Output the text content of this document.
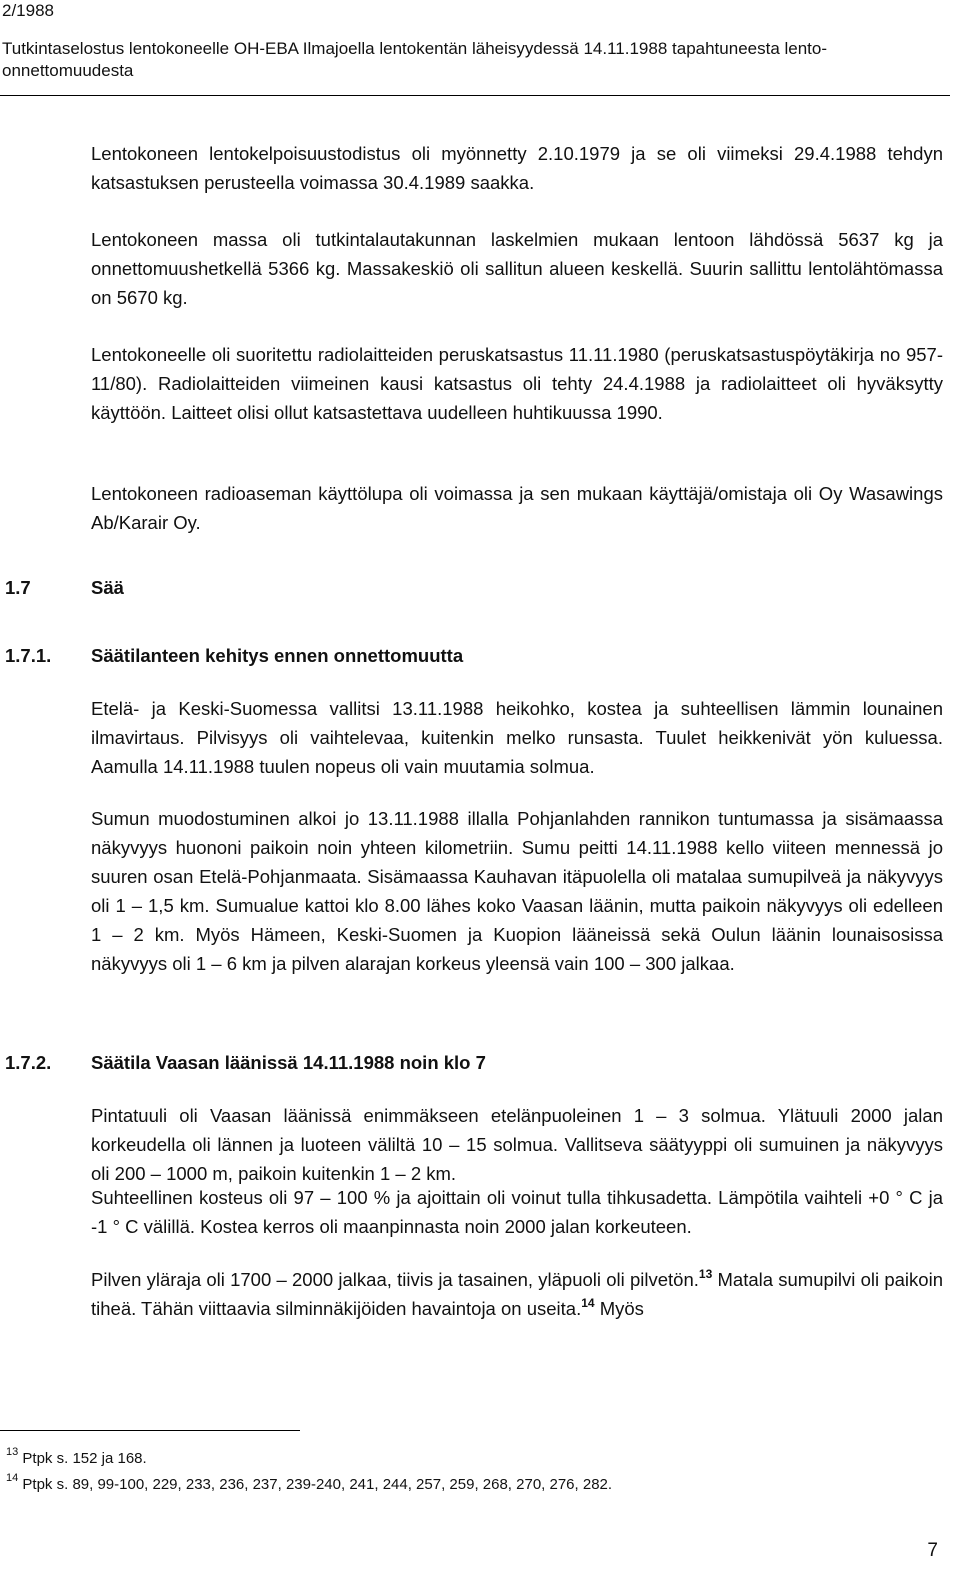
2/1988
Tutkintaselostus lentokoneelle OH-EBA Ilmajoella lentokentän läheisyydessä 14.11.1988 tapahtuneesta lento-onnettomuudesta

Lentokoneen lentokelpoisuustodistus oli myönnetty 2.10.1979 ja se oli viimeksi 29.4.1988 tehdyn katsastuksen perusteella voimassa 30.4.1989 saakka.

Lentokoneen massa oli tutkintalautakunnan laskelmien mukaan lentoon lähdössä 5637 kg ja onnettomuushetkellä 5366 kg. Massakeskiö oli sallitun alueen keskellä. Suurin sallittu lentolähtömassa on 5670 kg.

Lentokoneelle oli suoritettu radiolaitteiden peruskatsastus 11.11.1980 (peruskatsastuspöytäkirja no 957-11/80). Radiolaitteiden viimeinen kausi katsastus oli tehty 24.4.1988 ja radiolaitteet oli hyväksytty käyttöön. Laitteet olisi ollut katsastettava uudelleen huhtikuussa 1990.

Lentokoneen radioaseman käyttölupa oli voimassa ja sen mukaan käyttäjä/omistaja oli Oy Wasawings Ab/Karair Oy.

1.7	Sää
1.7.1. Säätilanteen kehitys ennen onnettomuutta

Etelä- ja Keski-Suomessa vallitsi 13.11.1988 heikohko, kostea ja suhteellisen lämmin lounainen ilmavirtaus. Pilvisyys oli vaihtelevaa, kuitenkin melko runsasta. Tuulet heikkenivät yön kuluessa. Aamulla 14.11.1988 tuulen nopeus oli vain muutamia solmua.

Sumun muodostuminen alkoi jo 13.11.1988 illalla Pohjanlahden rannikon tuntumassa ja sisämaassa näkyvyys huononi paikoin noin yhteen kilometriin. Sumu peitti 14.11.1988 kello viiteen mennessä jo suuren osan Etelä-Pohjanmaata. Sisämaassa Kauhavan itäpuolella oli matalaa sumupilveä ja näkyvyys oli 1 – 1,5 km. Sumualue kattoi klo 8.00 lähes koko Vaasan läänin, mutta paikoin näkyvyys oli edelleen 1 – 2 km. Myös Hämeen, Keski-Suomen ja Kuopion lääneissä sekä Oulun läänin lounaisosissa näkyvyys oli 1 – 6 km ja pilven alarajan korkeus yleensä vain 100 – 300 jalkaa.

1.7.2. Säätila Vaasan läänissä 14.11.1988 noin klo 7

Pintatuuli oli Vaasan läänissä enimmäkseen etelänpuoleinen 1 – 3 solmua. Ylätuuli 2000 jalan korkeudella oli lännen ja luoteen väliltä 10 – 15 solmua. Vallitseva säätyyppi oli sumuinen ja näkyvyys oli 200 – 1000 m, paikoin kuitenkin 1 – 2 km.

Suhteellinen kosteus oli 97 – 100 % ja ajoittain oli voinut tulla tihkusadetta. Lämpötila vaihteli +0 ° C ja -1 ° C välillä. Kostea kerros oli maanpinnasta noin 2000 jalan korkeuteen.

Pilven yläraja oli 1700 – 2000 jalkaa, tiivis ja tasainen, yläpuoli oli pilvetön.$^{13}$ Matala sumupilvi oli paikoin tiheä. Tähän viittaavia silminnäkijöiden havaintoja on useita.$^{14}$ Myös

$^{13}$ Ptpk s. 152 ja 168.
$^{14}$ Ptpk s. 89, 99-100, 229, 233, 236, 237, 239-240, 241, 244, 257, 259, 268, 270, 276, 282.
7
